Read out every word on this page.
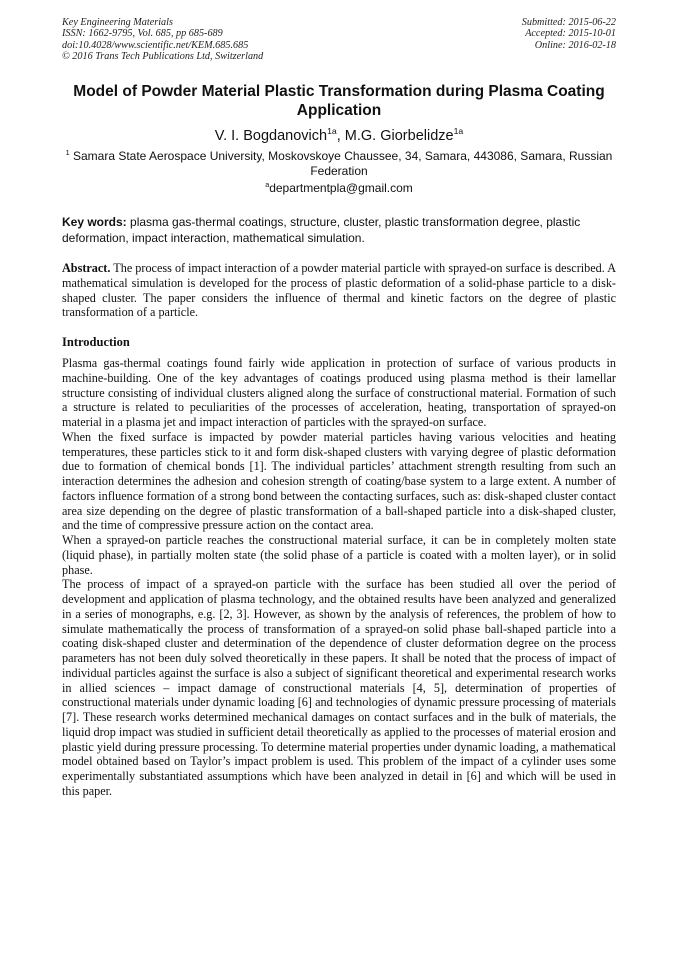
Key Engineering Materials
ISSN: 1662-9795, Vol. 685, pp 685-689
doi:10.4028/www.scientific.net/KEM.685.685
© 2016 Trans Tech Publications Ltd, Switzerland
Submitted: 2015-06-22
Accepted: 2015-10-01
Online: 2016-02-18
Model of Powder Material Plastic Transformation during Plasma Coating Application
V. I. Bogdanovich$^{1a}$, M.G. Giorbelidze$^{1a}$
$^1$ Samara State Aerospace University, Moskovskoye Chaussee, 34, Samara, 443086, Samara, Russian Federation
$^a$departmentpla@gmail.com
Key words: plasma gas-thermal coatings, structure, cluster, plastic transformation degree, plastic deformation, impact interaction, mathematical simulation.
Abstract. The process of impact interaction of a powder material particle with sprayed-on surface is described. A mathematical simulation is developed for the process of plastic deformation of a solid-phase particle to a disk-shaped cluster. The paper considers the influence of thermal and kinetic factors on the degree of plastic transformation of a particle.
Introduction

Plasma gas-thermal coatings found fairly wide application in protection of surface of various products in machine-building. One of the key advantages of coatings produced using plasma method is their lamellar structure consisting of individual clusters aligned along the surface of constructional material. Formation of such a structure is related to peculiarities of the processes of acceleration, heating, transportation of sprayed-on material in a plasma jet and impact interaction of particles with the sprayed-on surface.

When the fixed surface is impacted by powder material particles having various velocities and heating temperatures, these particles stick to it and form disk-shaped clusters with varying degree of plastic deformation due to formation of chemical bonds [1]. The individual particles’ attachment strength resulting from such an interaction determines the adhesion and cohesion strength of coating/base system to a large extent. A number of factors influence formation of a strong bond between the contacting surfaces, such as: disk-shaped cluster contact area size depending on the degree of plastic transformation of a ball-shaped particle into a disk-shaped cluster, and the time of compressive pressure action on the contact area.

When a sprayed-on particle reaches the constructional material surface, it can be in completely molten state (liquid phase), in partially molten state (the solid phase of a particle is coated with a molten layer), or in solid phase.

The process of impact of a sprayed-on particle with the surface has been studied all over the period of development and application of plasma technology, and the obtained results have been analyzed and generalized in a series of monographs, e.g. [2, 3]. However, as shown by the analysis of references, the problem of how to simulate mathematically the process of transformation of a sprayed-on solid phase ball-shaped particle into a coating disk-shaped cluster and determination of the dependence of cluster deformation degree on the process parameters has not been duly solved theoretically in these papers. It shall be noted that the process of impact of individual particles against the surface is also a subject of significant theoretical and experimental research works in allied sciences – impact damage of constructional materials [4, 5], determination of properties of constructional materials under dynamic loading [6] and technologies of dynamic pressure processing of materials [7]. These research works determined mechanical damages on contact surfaces and in the bulk of materials, the liquid drop impact was studied in sufficient detail theoretically as applied to the processes of material erosion and plastic yield during pressure processing. To determine material properties under dynamic loading, a mathematical model obtained based on Taylor’s impact problem is used. This problem of the impact of a cylinder uses some experimentally substantiated assumptions which have been analyzed in detail in [6] and which will be used in this paper.
